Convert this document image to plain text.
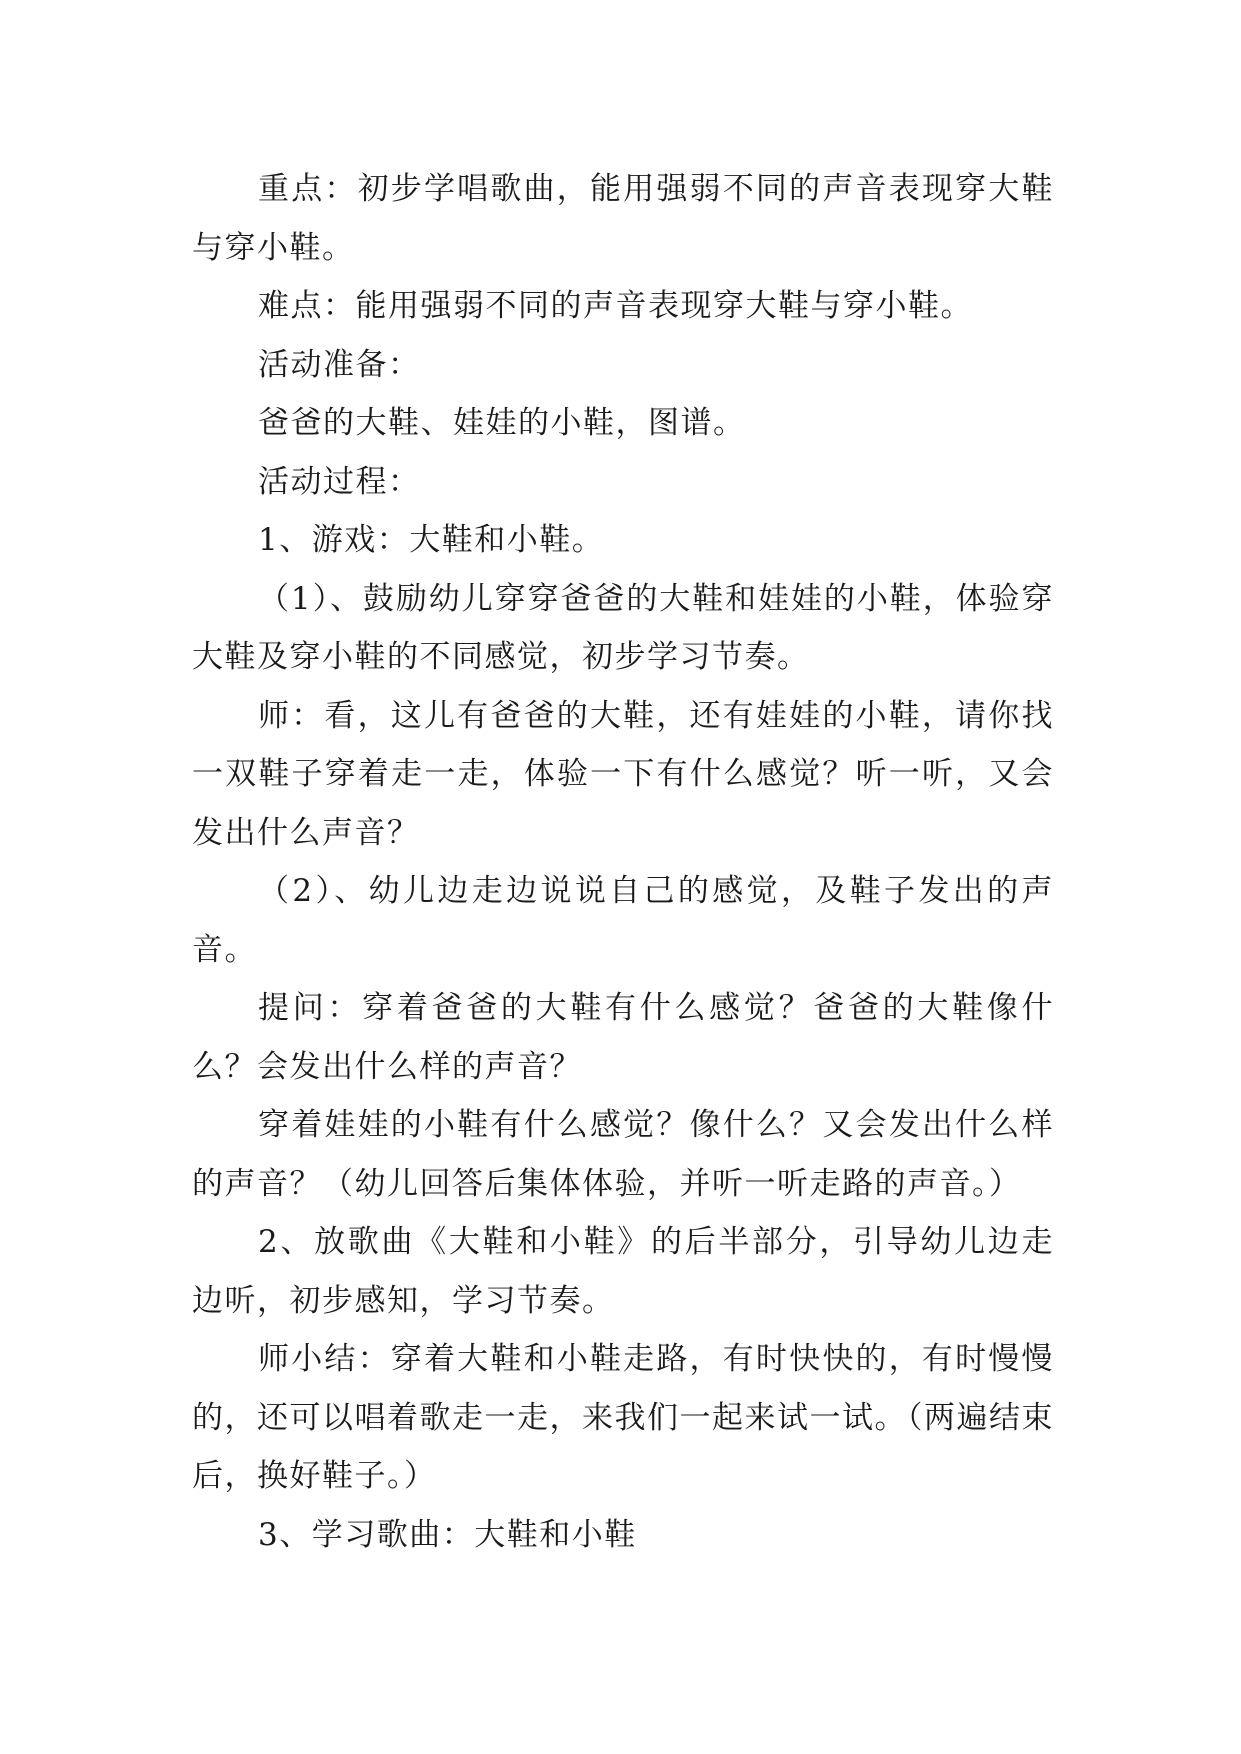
重点：初步学唱歌曲，能用强弱不同的声音表现穿大鞋与穿小鞋。

难点：能用强弱不同的声音表现穿大鞋与穿小鞋。

活动准备：

爸爸的大鞋、娃娃的小鞋，图谱。

活动过程：

1、游戏：大鞋和小鞋。

（1）、鼓励幼儿穿穿爸爸的大鞋和娃娃的小鞋，体验穿大鞋及穿小鞋的不同感觉，初步学习节奏。

师：看，这儿有爸爸的大鞋，还有娃娃的小鞋，请你找一双鞋子穿着走一走，体验一下有什么感觉？听一听，又会发出什么声音？

（2）、幼儿边走边说说自己的感觉，及鞋子发出的声音。

提问：穿着爸爸的大鞋有什么感觉？爸爸的大鞋像什么？会发出什么样的声音？

穿着娃娃的小鞋有什么感觉？像什么？又会发出什么样的声音？（幼儿回答后集体体验，并听一听走路的声音。）

2、放歌曲《大鞋和小鞋》的后半部分，引导幼儿边走边听，初步感知，学习节奏。

师小结：穿着大鞋和小鞋走路，有时快快的，有时慢慢的，还可以唱着歌走一走，来我们一起来试一试。（两遍结束后，换好鞋子。）

3、学习歌曲：大鞋和小鞋
